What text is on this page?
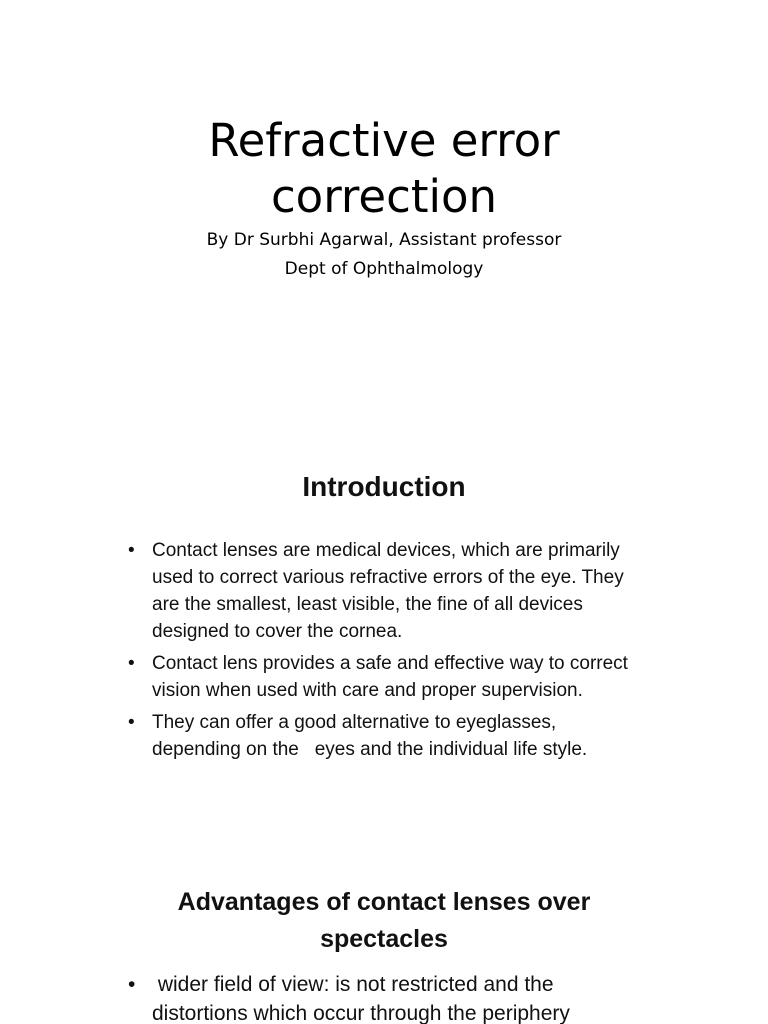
Refractive error
correction

By Dr Surbhi Agarwal, Assistant professor

Dept of Ophthalmology

Introduction
• Contact lenses are medical devices, which are primarily used to correct various refractive errors of the eye. They are the smallest, least visible, the fine of all devices designed to cover the cornea.
• Contact lens provides a safe and effective way to correct vision when used with care and proper supervision.
• They can offer a good alternative to eyeglasses, depending on the   eyes and the individual life style.
Advantages of contact lenses over
spectacles
• wider field of view: is not restricted and the distortions which occur through the periphery
